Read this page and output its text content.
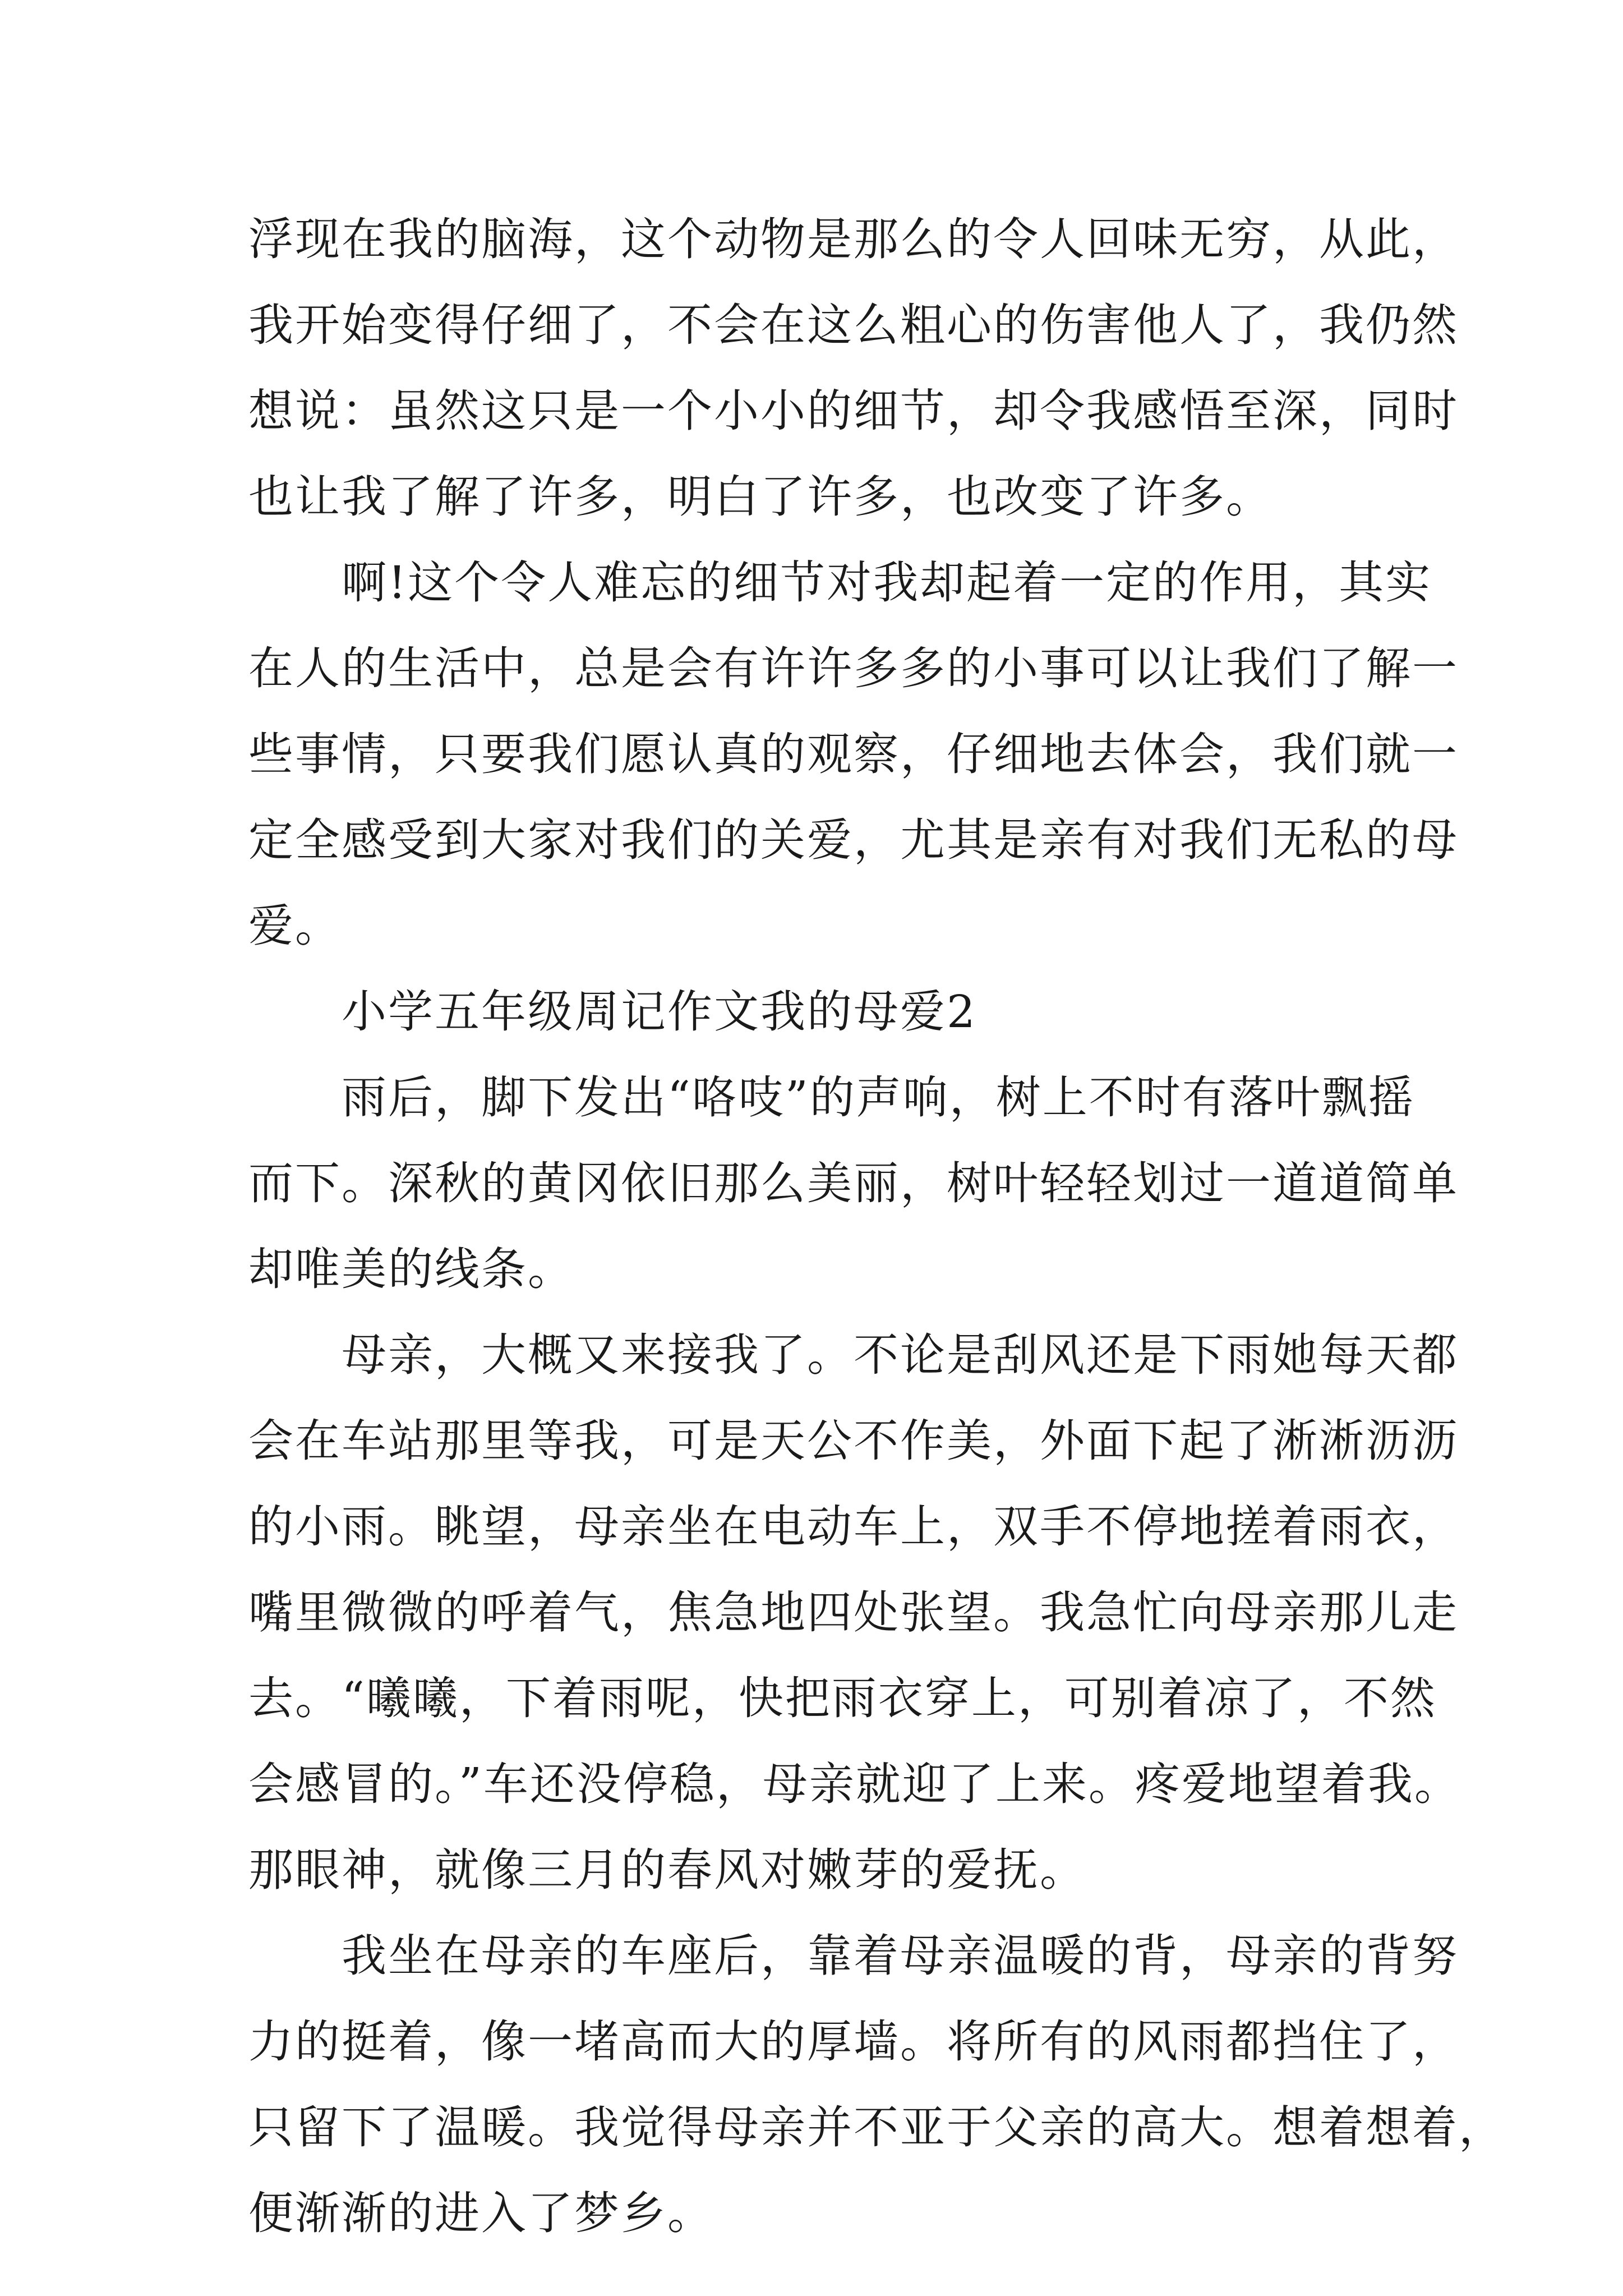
浮现在我的脑海，这个动物是那么的令人回味无穷，从此，
我开始变得仔细了，不会在这么粗心的伤害他人了，我仍然
想说：虽然这只是一个小小的细节，却令我感悟至深，同时
也让我了解了许多，明白了许多，也改变了许多。
啊!这个令人难忘的细节对我却起着一定的作用，其实
在人的生活中，总是会有许许多多的小事可以让我们了解一
些事情，只要我们愿认真的观察，仔细地去体会，我们就一
定全感受到大家对我们的关爱，尤其是亲有对我们无私的母
爱。
小学五年级周记作文我的母爱2
雨后，脚下发出“咯吱”的声响，树上不时有落叶飘摇
而下。深秋的黄冈依旧那么美丽，树叶轻轻划过一道道简单
却唯美的线条。
母亲，大概又来接我了。不论是刮风还是下雨她每天都
会在车站那里等我，可是天公不作美，外面下起了淅淅沥沥
的小雨。眺望，母亲坐在电动车上，双手不停地搓着雨衣，
嘴里微微的呼着气，焦急地四处张望。我急忙向母亲那儿走
去。“曦曦，下着雨呢，快把雨衣穿上，可别着凉了，不然
会感冒的。”车还没停稳，母亲就迎了上来。疼爱地望着我。
那眼神，就像三月的春风对嫩芽的爱抚。
我坐在母亲的车座后，靠着母亲温暖的背，母亲的背努
力的挺着，像一堵高而大的厚墙。将所有的风雨都挡住了，
只留下了温暖。我觉得母亲并不亚于父亲的高大。想着想着，
便渐渐的进入了梦乡。
